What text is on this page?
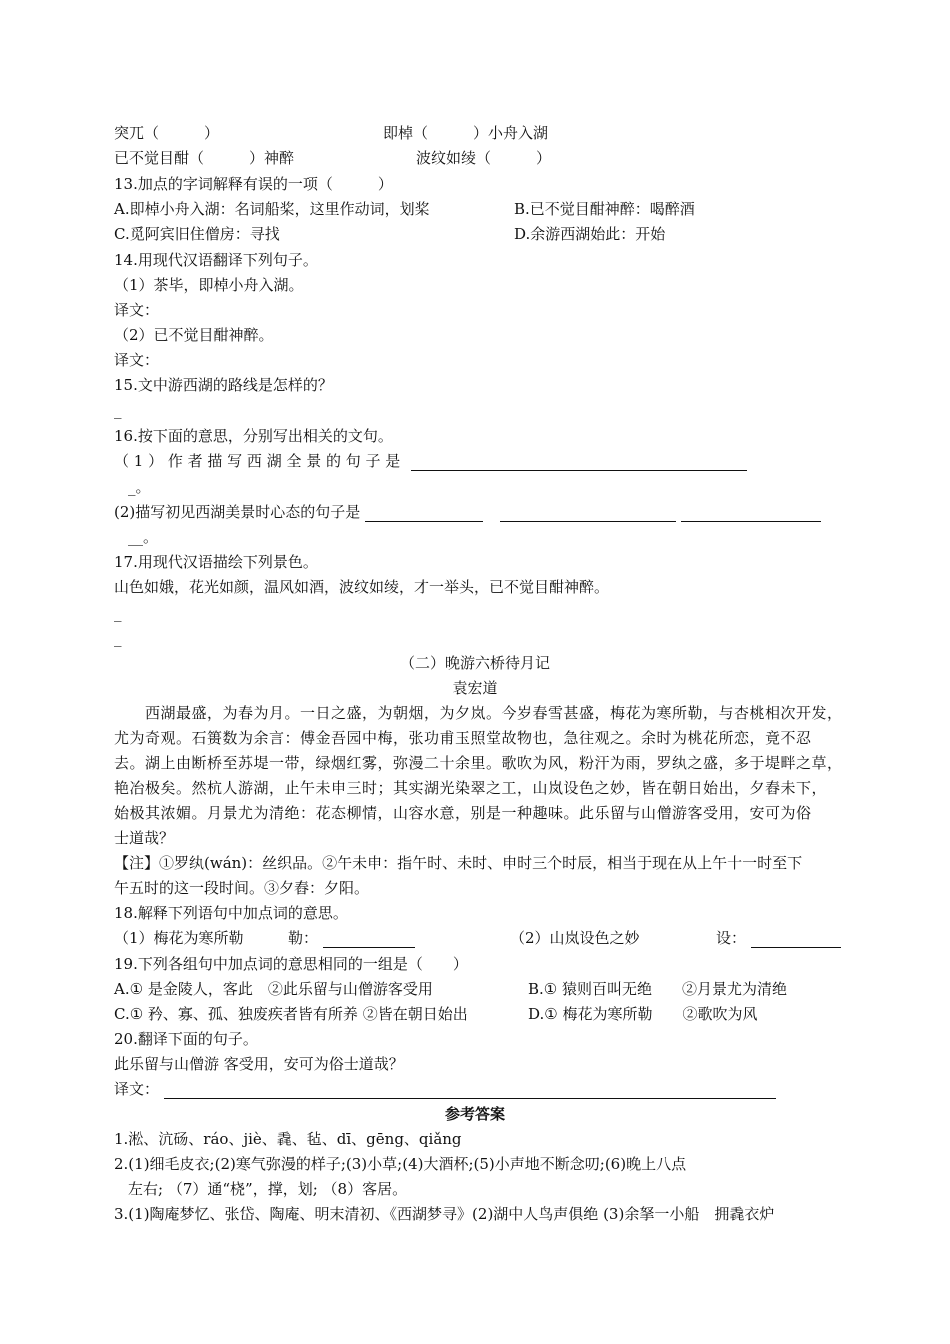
突兀（　　　）	即棹（　　　）小舟入湖
已不觉目酣（　　　）神醉	波纹如绫（　　　）
13.加点的字词解释有误的一项（　　　）
A.即棹小舟入湖：名词船桨，这里作动词，划桨	B.已不觉目酣神醉：喝醉酒
C.觅阿宾旧住僧房：寻找	D.余游西湖始此：开始
14.用现代汉语翻译下列句子。
（1）茶毕，即棹小舟入湖。
译文：
（2）已不觉目酣神醉。
译文：
15.文中游西湖的路线是怎样的？
_
16.按下面的意思，分别写出相关的文句。
（ 1 ） 作 者 描 写 西 湖 全 景 的 句 子 是
_。
(2)描写初见西湖美景时心态的句子是
__。
17.用现代汉语描绘下列景色。
山色如娥，花光如颜，温风如酒，波纹如绫，才一举头，已不觉目酣神醉。
_
_
（二）晚游六桥待月记
袁宏道
　　西湖最盛，为春为月。一日之盛，为朝烟，为夕岚。今岁春雪甚盛，梅花为寒所勒，与杏桃相次开发，
尤为奇观。石篑数为余言：傅金吾园中梅，张功甫玉照堂故物也，急往观之。余时为桃花所恋，竟不忍
去。湖上由断桥至苏堤一带，绿烟红雾，弥漫二十余里。歌吹为风，粉汗为雨，罗纨之盛，多于堤畔之草，
艳冶极矣。然杭人游湖，止午未申三时；其实湖光染翠之工，山岚设色之妙，皆在朝日始出，夕舂未下，
始极其浓媚。月景尤为清绝：花态柳情，山容水意，别是一种趣味。此乐留与山僧游客受用，安可为俗
士道哉？
【注】①罗纨(wán)：丝织品。②午未申：指午时、未时、申时三个时辰，相当于现在从上午十一时至下
午五时的这一段时间。③夕舂：夕阳。
18.解释下列语句中加点词的意思。
（1）梅花为寒所勒	勒：	（2）山岚设色之妙	设：
19.下列各组句中加点词的意思相同的一组是（　　）
A.① 是金陵人，客此　②此乐留与山僧游客受用	B.① 猿则百叫无绝　　②月景尤为清绝
C.① 矜、寡、孤、独废疾者皆有所养 ②皆在朝日始出	D.① 梅花为寒所勒　　②歌吹为风
20.翻译下面的句子。
此乐留与山僧游 客受用，安可为俗士道哉？
译文：
参考答案
1.淞、沆砀、ráo、jiè、毳、毡、dī、gēng、qiǎng
2.(1)细毛皮衣;(2)寒气弥漫的样子;(3)小草;(4)大酒杯;(5)小声地不断念叨;(6)晚上八点
左右; （7）通“桡”，撑，划; （8）客居。
3.(1)陶庵梦忆、张岱、陶庵、明末清初、《西湖梦寻》(2)湖中人鸟声俱绝 (3)余拏一小船　拥毳衣炉
